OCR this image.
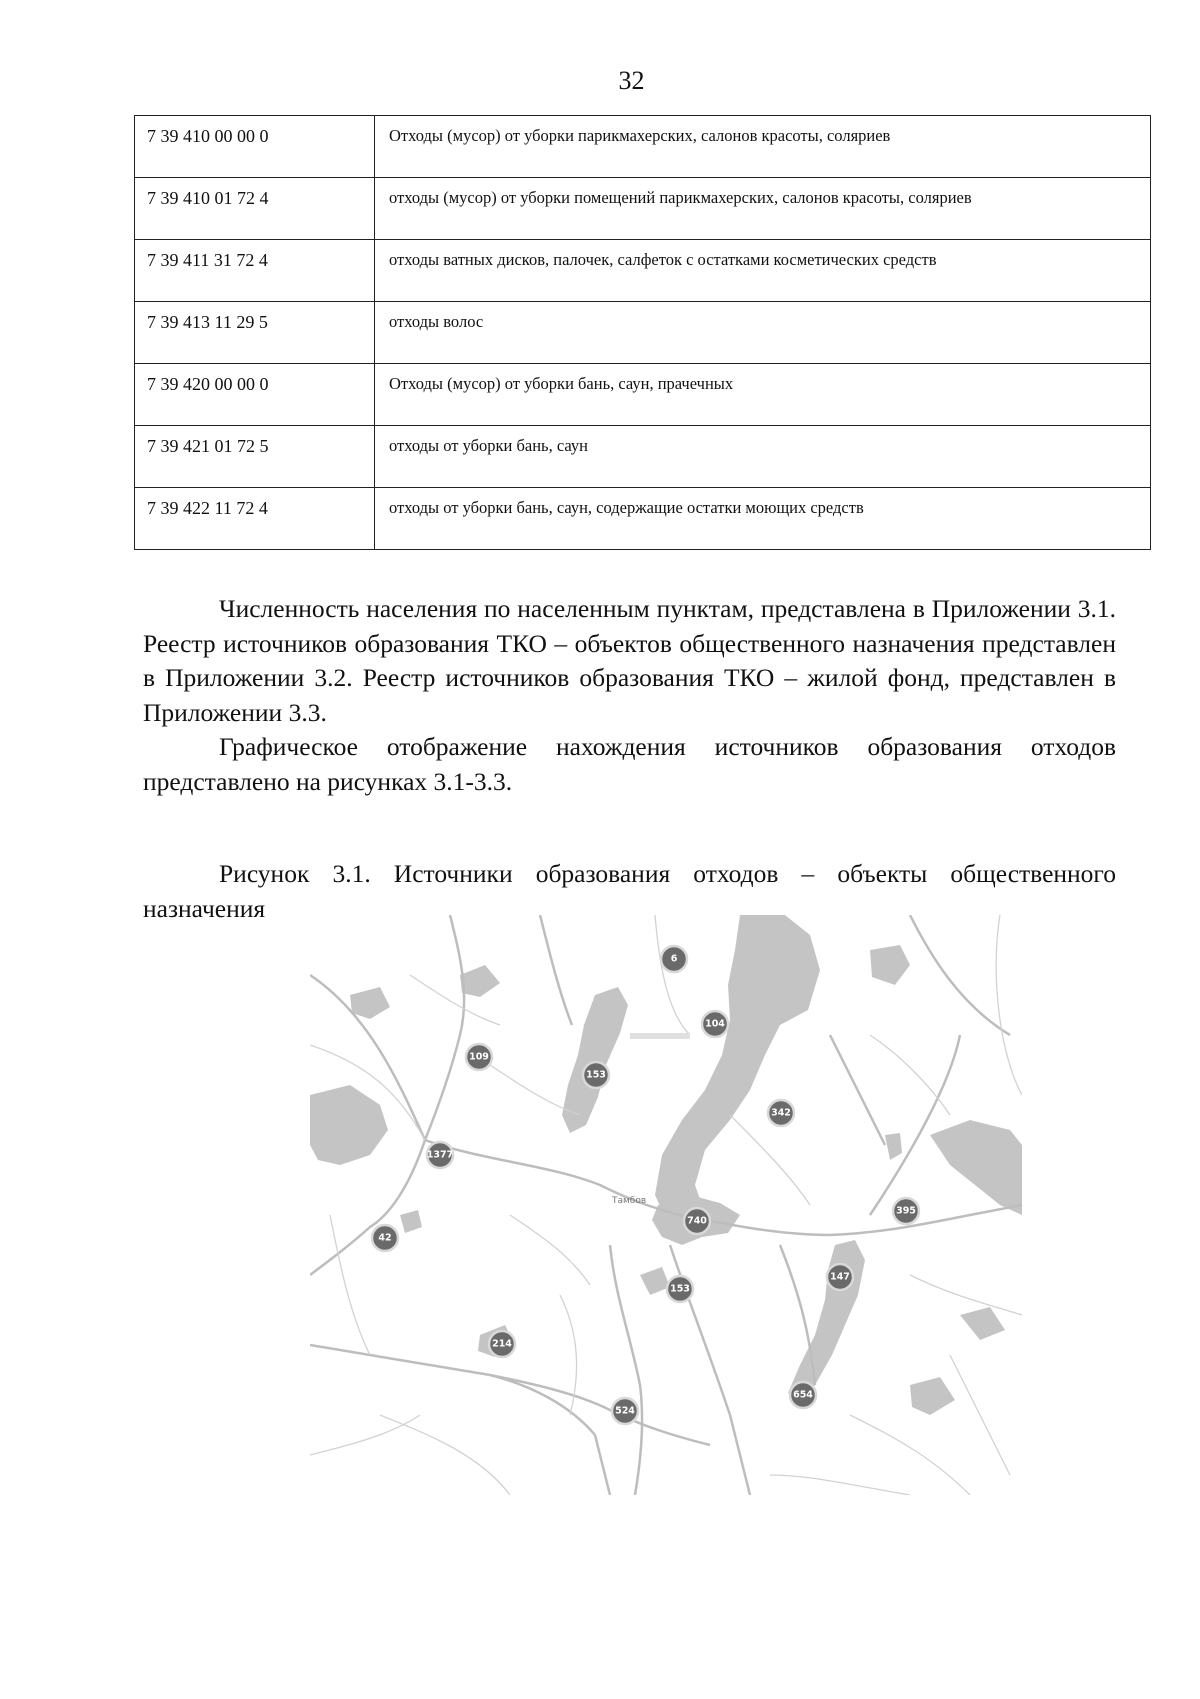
32
7 39 410 00 00 0	Отходы (мусор) от уборки парикмахерских, салонов красоты, соляриев
7 39 410 01 72 4	отходы (мусор) от уборки помещений парикмахерских, салонов красоты, соляриев
7 39 411 31 72 4	отходы ватных дисков, палочек, салфеток с остатками косметических средств
7 39 413 11 29 5	отходы волос
7 39 420 00 00 0	Отходы (мусор) от уборки бань, саун, прачечных
7 39 421 01 72 5	отходы от уборки бань, саун
7 39 422 11 72 4	отходы от уборки бань, саун, содержащие остатки моющих средств

Численность населения по населенным пунктам, представлена в Приложении 3.1. Реестр источников образования ТКО – объектов общественного назначения представлен в Приложении 3.2. Реестр источников образования ТКО – жилой фонд, представлен в Приложении 3.3.

Графическое отображение нахождения источников образования отходов представлено на рисунках 3.1-3.3.

Рисунок 3.1. Источники образования отходов – объекты общественного назначения

Тамбов
6
104
109
153
342
1377
740
395
42
153
147
214
654
524
